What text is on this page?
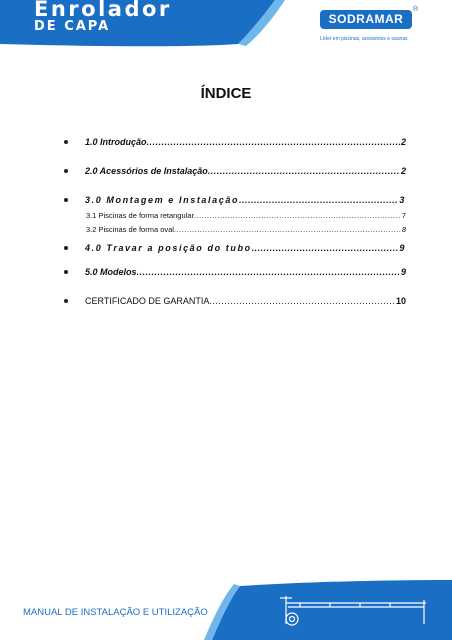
Enrolador
DE CAPA	SODRAMAR
®
Líder em piscinas, acessórios e saunas
ÍNDICE
1.0 Introdução .....	2
2.0 Acessórios de Instalação .....	2
3.0 Montagem e Instalação .....	3
3.1 Piscinas de forma retangular .....	7
3.2 Piscinas de forma oval .....	8
4.0 Travar a posição do tubo .....	9
5.0 Modelos .....	9
CERTIFICADO DE GARANTIA .....	10
MANUAL DE INSTALAÇÃO E UTILIZAÇÃO
